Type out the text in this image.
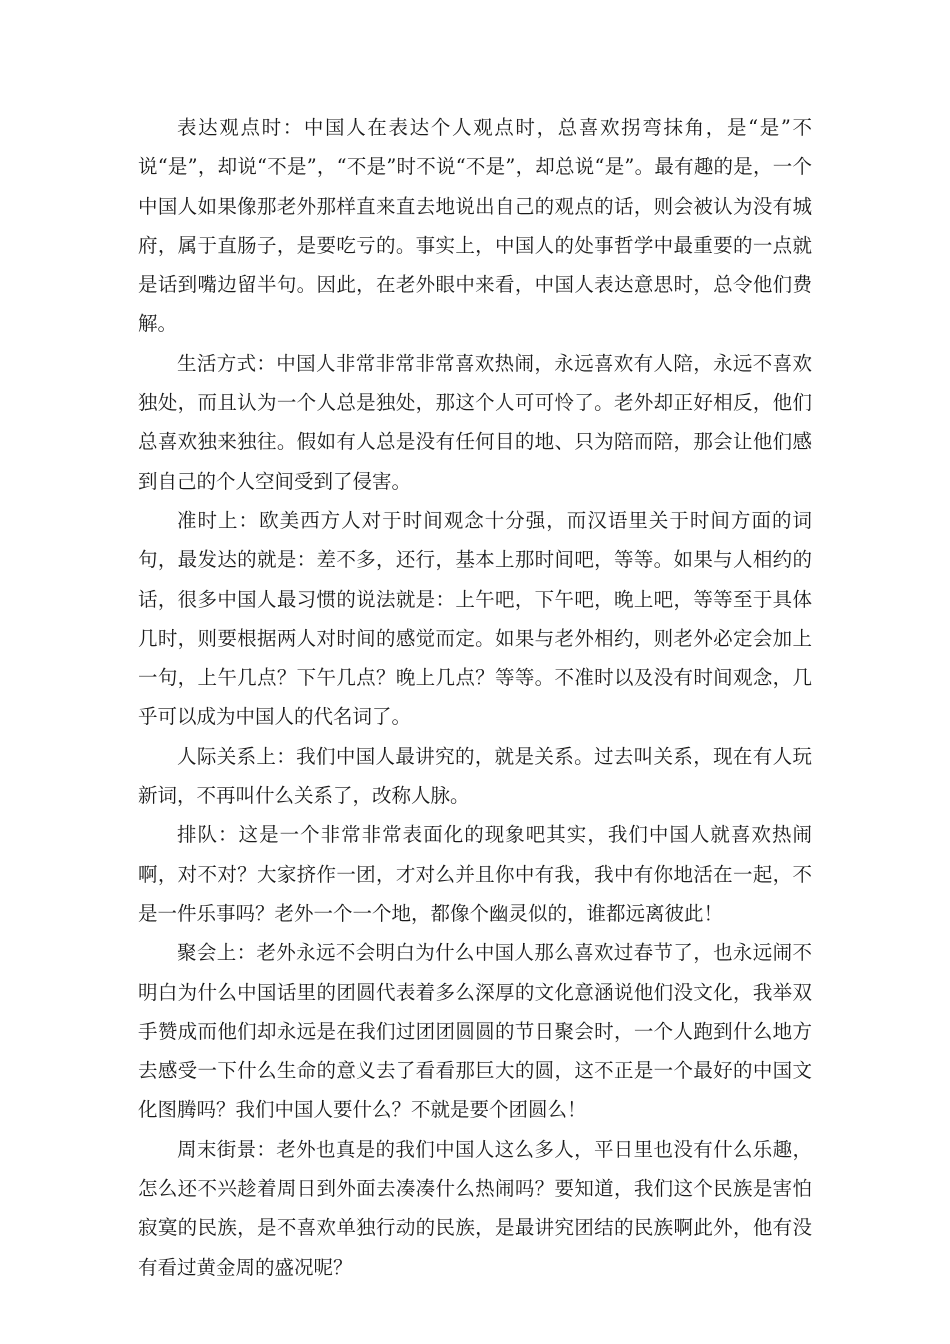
表达观点时：中国人在表达个人观点时，总喜欢拐弯抹角，是“是”不说“是”，却说“不是”，“不是”时不说“不是”，却总说“是”。最有趣的是，一个中国人如果像那老外那样直来直去地说出自己的观点的话，则会被认为没有城府，属于直肠子，是要吃亏的。事实上，中国人的处事哲学中最重要的一点就是话到嘴边留半句。因此，在老外眼中来看，中国人表达意思时，总令他们费解。

生活方式：中国人非常非常非常喜欢热闹，永远喜欢有人陪，永远不喜欢独处，而且认为一个人总是独处，那这个人可可怜了。老外却正好相反，他们总喜欢独来独往。假如有人总是没有任何目的地、只为陪而陪，那会让他们感到自己的个人空间受到了侵害。

准时上：欧美西方人对于时间观念十分强，而汉语里关于时间方面的词句，最发达的就是：差不多，还行，基本上那时间吧，等等。如果与人相约的话，很多中国人最习惯的说法就是：上午吧，下午吧，晚上吧，等等至于具体几时，则要根据两人对时间的感觉而定。如果与老外相约，则老外必定会加上一句，上午几点？下午几点？晚上几点？等等。不准时以及没有时间观念，几乎可以成为中国人的代名词了。

人际关系上：我们中国人最讲究的，就是关系。过去叫关系，现在有人玩新词，不再叫什么关系了，改称人脉。

排队：这是一个非常非常表面化的现象吧其实，我们中国人就喜欢热闹啊，对不对？大家挤作一团，才对么并且你中有我，我中有你地活在一起，不是一件乐事吗？老外一个一个地，都像个幽灵似的，谁都远离彼此！

聚会上：老外永远不会明白为什么中国人那么喜欢过春节了，也永远闹不明白为什么中国话里的团圆代表着多么深厚的文化意涵说他们没文化，我举双手赞成而他们却永远是在我们过团团圆圆的节日聚会时，一个人跑到什么地方去感受一下什么生命的意义去了看看那巨大的圆，这不正是一个最好的中国文化图腾吗？我们中国人要什么？不就是要个团圆么！

周末街景：老外也真是的我们中国人这么多人，平日里也没有什么乐趣，怎么还不兴趁着周日到外面去凑凑什么热闹吗？要知道，我们这个民族是害怕寂寞的民族，是不喜欢单独行动的民族，是最讲究团结的民族啊此外，他有没有看过黄金周的盛况呢？
